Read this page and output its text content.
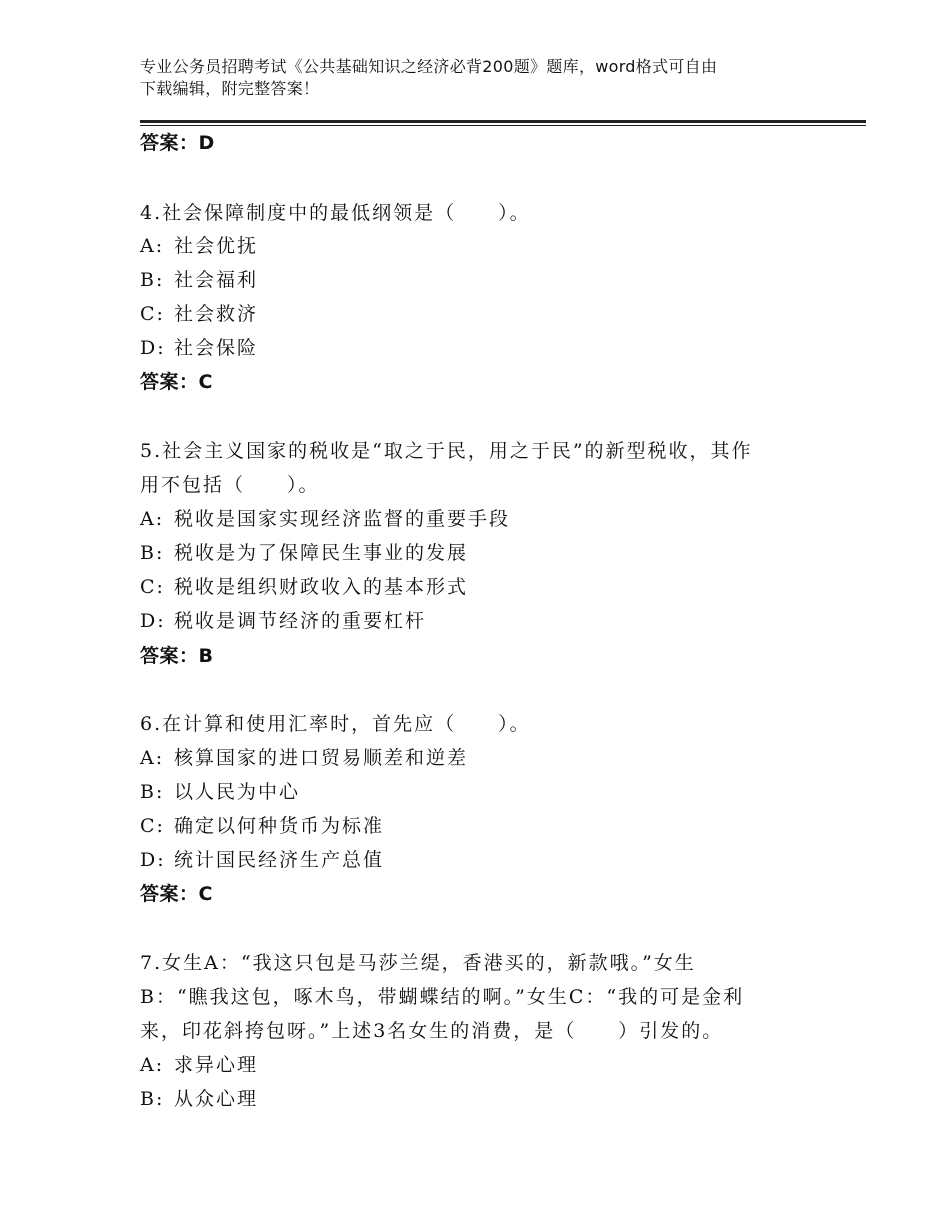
专业公务员招聘考试《公共基础知识之经济必背200题》题库，word格式可自由
下载编辑，附完整答案！
答案：D
4.社会保障制度中的最低纲领是（　　）。
A: 社会优抚
B: 社会福利
C: 社会救济
D: 社会保险
答案：C
5.社会主义国家的税收是“取之于民，用之于民”的新型税收，其作
用不包括（　　）。
A: 税收是国家实现经济监督的重要手段
B: 税收是为了保障民生事业的发展
C: 税收是组织财政收入的基本形式
D: 税收是调节经济的重要杠杆
答案：B
6.在计算和使用汇率时，首先应（　　）。
A: 核算国家的进口贸易顺差和逆差
B: 以人民为中心
C: 确定以何种货币为标准
D: 统计国民经济生产总值
答案：C
7.女生A：“我这只包是马莎兰缇，香港买的，新款哦。”女生
B：“瞧我这包，啄木鸟，带蝴蝶结的啊。”女生C：“我的可是金利
来，印花斜挎包呀。”上述3名女生的消费，是（　　）引发的。
A: 求异心理
B: 从众心理
